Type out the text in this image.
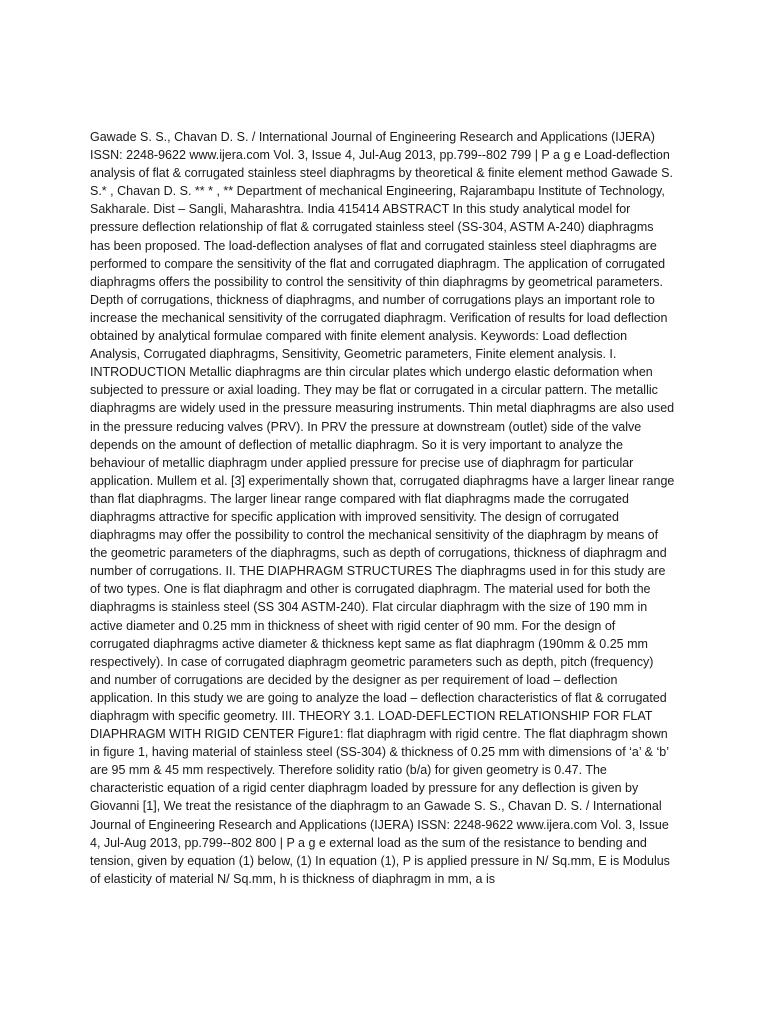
Gawade S. S., Chavan D. S. / International Journal of Engineering Research and Applications (IJERA) ISSN: 2248-9622 www.ijera.com Vol. 3, Issue 4, Jul-Aug 2013, pp.799--802 799 | P a g e Load-deflection analysis of flat & corrugated stainless steel diaphragms by theoretical & finite element method Gawade S. S.* , Chavan D. S. ** * , ** Department of mechanical Engineering, Rajarambapu Institute of Technology, Sakharale. Dist – Sangli, Maharashtra. India 415414 ABSTRACT In this study analytical model for pressure deflection relationship of flat & corrugated stainless steel (SS-304, ASTM A-240) diaphragms has been proposed. The load-deflection analyses of flat and corrugated stainless steel diaphragms are performed to compare the sensitivity of the flat and corrugated diaphragm. The application of corrugated diaphragms offers the possibility to control the sensitivity of thin diaphragms by geometrical parameters. Depth of corrugations, thickness of diaphragms, and number of corrugations plays an important role to increase the mechanical sensitivity of the corrugated diaphragm. Verification of results for load deflection obtained by analytical formulae compared with finite element analysis. Keywords: Load deflection Analysis, Corrugated diaphragms, Sensitivity, Geometric parameters, Finite element analysis. I. INTRODUCTION Metallic diaphragms are thin circular plates which undergo elastic deformation when subjected to pressure or axial loading. They may be flat or corrugated in a circular pattern. The metallic diaphragms are widely used in the pressure measuring instruments. Thin metal diaphragms are also used in the pressure reducing valves (PRV). In PRV the pressure at downstream (outlet) side of the valve depends on the amount of deflection of metallic diaphragm. So it is very important to analyze the behaviour of metallic diaphragm under applied pressure for precise use of diaphragm for particular application. Mullem et al. [3] experimentally shown that, corrugated diaphragms have a larger linear range than flat diaphragms. The larger linear range compared with flat diaphragms made the corrugated diaphragms attractive for specific application with improved sensitivity. The design of corrugated diaphragms may offer the possibility to control the mechanical sensitivity of the diaphragm by means of the geometric parameters of the diaphragms, such as depth of corrugations, thickness of diaphragm and number of corrugations. II. THE DIAPHRAGM STRUCTURES The diaphragms used in for this study are of two types. One is flat diaphragm and other is corrugated diaphragm. The material used for both the diaphragms is stainless steel (SS 304 ASTM-240). Flat circular diaphragm with the size of 190 mm in active diameter and 0.25 mm in thickness of sheet with rigid center of 90 mm. For the design of corrugated diaphragms active diameter & thickness kept same as flat diaphragm (190mm & 0.25 mm respectively). In case of corrugated diaphragm geometric parameters such as depth, pitch (frequency) and number of corrugations are decided by the designer as per requirement of load – deflection application. In this study we are going to analyze the load – deflection characteristics of flat & corrugated diaphragm with specific geometry. III. THEORY 3.1. LOAD-DEFLECTION RELATIONSHIP FOR FLAT DIAPHRAGM WITH RIGID CENTER Figure1: flat diaphragm with rigid centre. The flat diaphragm shown in figure 1, having material of stainless steel (SS-304) & thickness of 0.25 mm with dimensions of ‘a’ & ‘b’ are 95 mm & 45 mm respectively. Therefore solidity ratio (b/a) for given geometry is 0.47. The characteristic equation of a rigid center diaphragm loaded by pressure for any deflection is given by Giovanni [1], We treat the resistance of the diaphragm to an Gawade S. S., Chavan D. S. / International Journal of Engineering Research and Applications (IJERA) ISSN: 2248-9622 www.ijera.com Vol. 3, Issue 4, Jul-Aug 2013, pp.799--802 800 | P a g e external load as the sum of the resistance to bending and tension, given by equation (1) below, (1) In equation (1), P is applied pressure in N/ Sq.mm, E is Modulus of elasticity of material N/ Sq.mm, h is thickness of diaphragm in mm, a is
